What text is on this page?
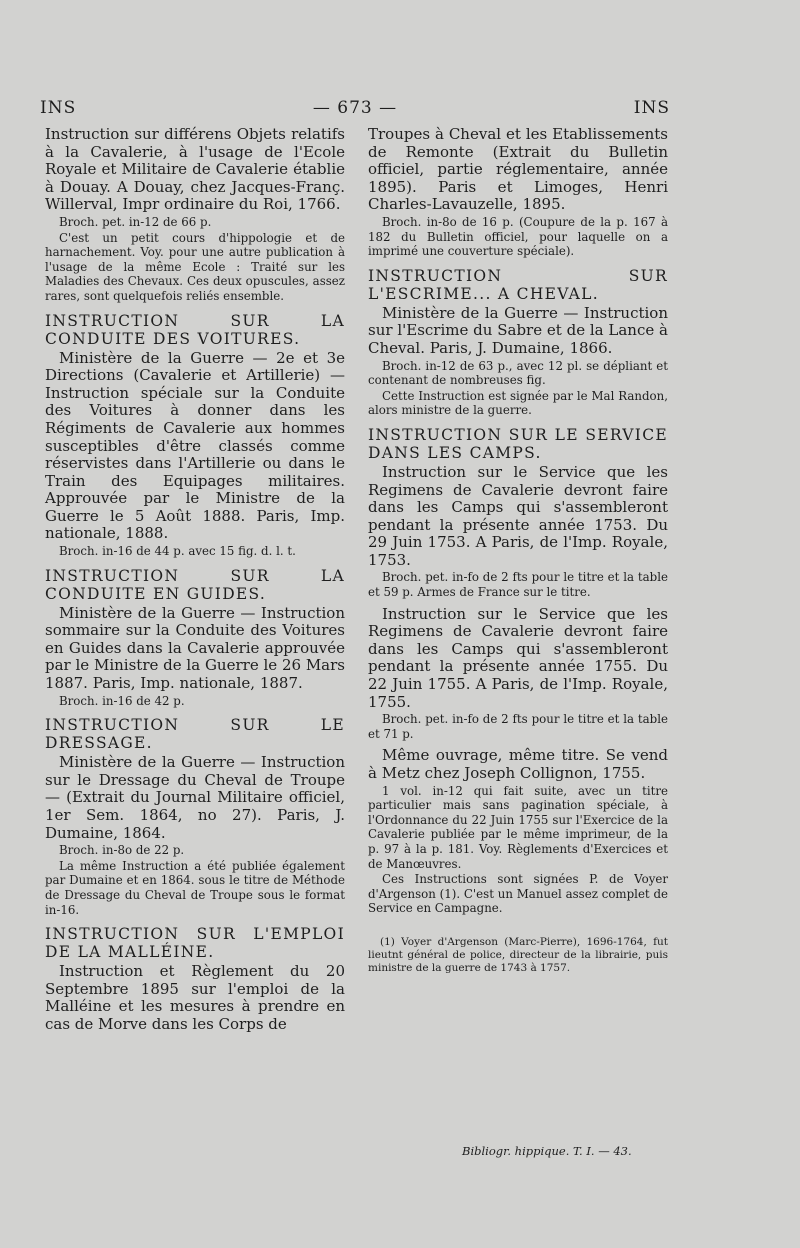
INS	— 673 —	INS

Instruction sur différens Objets relatifs à la Cavalerie, à l'usage de l'Ecole Royale et Militaire de Cavalerie établie à Douay. A Douay, chez Jacques-Franç. Willerval, Impr ordinaire du Roi, 1766.

Broch. pet. in-12 de 66 p.

C'est un petit cours d'hippologie et de harnachement. Voy. pour une autre publication à l'usage de la même Ecole : Traité sur les Maladies des Chevaux. Ces deux opuscules, assez rares, sont quelquefois reliés ensemble.

INSTRUCTION SUR LA CONDUITE DES VOITURES.

Ministère de la Guerre — 2e et 3e Directions (Cavalerie et Artillerie) — Instruction spéciale sur la Conduite des Voitures à donner dans les Régiments de Cavalerie aux hommes susceptibles d'être classés comme réservistes dans l'Artillerie ou dans le Train des Equipages militaires. Approuvée par le Ministre de la Guerre le 5 Août 1888. Paris, Imp. nationale, 1888.

Broch. in-16 de 44 p. avec 15 fig. d. l. t.

INSTRUCTION SUR LA CONDUITE EN GUIDES.

Ministère de la Guerre — Instruction sommaire sur la Conduite des Voitures en Guides dans la Cavalerie approuvée par le Ministre de la Guerre le 26 Mars 1887. Paris, Imp. nationale, 1887.

Broch. in-16 de 42 p.

INSTRUCTION SUR LE DRESSAGE.

Ministère de la Guerre — Instruction sur le Dressage du Cheval de Troupe — (Extrait du Journal Militaire officiel, 1er Sem. 1864, no 27). Paris, J. Dumaine, 1864.

Broch. in-8o de 22 p.

La même Instruction a été publiée également par Dumaine et en 1864. sous le titre de Méthode de Dressage du Cheval de Troupe sous le format in-16.

INSTRUCTION SUR L'EMPLOI DE LA MALLÉINE.

Instruction et Règlement du 20 Septembre 1895 sur l'emploi de la Malléine et les mesures à prendre en cas de Morve dans les Corps de

Troupes à Cheval et les Etablissements de Remonte (Extrait du Bulletin officiel, partie réglementaire, année 1895). Paris et Limoges, Henri Charles-Lavauzelle, 1895.

Broch. in-8o de 16 p. (Coupure de la p. 167 à 182 du Bulletin officiel, pour laquelle on a imprimé une couverture spéciale).

INSTRUCTION SUR L'ESCRIME... A CHEVAL.

Ministère de la Guerre — Instruction sur l'Escrime du Sabre et de la Lance à Cheval. Paris, J. Dumaine, 1866.

Broch. in-12 de 63 p., avec 12 pl. se dépliant et contenant de nombreuses fig.

Cette Instruction est signée par le Mal Randon, alors ministre de la guerre.

INSTRUCTION SUR LE SERVICE DANS LES CAMPS.

Instruction sur le Service que les Regimens de Cavalerie devront faire dans les Camps qui s'assembleront pendant la présente année 1753. Du 29 Juin 1753. A Paris, de l'Imp. Royale, 1753.

Broch. pet. in-fo de 2 fts pour le titre et la table et 59 p. Armes de France sur le titre.

Instruction sur le Service que les Regimens de Cavalerie devront faire dans les Camps qui s'assembleront pendant la présente année 1755. Du 22 Juin 1755. A Paris, de l'Imp. Royale, 1755.

Broch. pet. in-fo de 2 fts pour le titre et la table et 71 p.

Même ouvrage, même titre. Se vend à Metz chez Joseph Collignon, 1755.

1 vol. in-12 qui fait suite, avec un titre particulier mais sans pagination spéciale, à l'Ordonnance du 22 Juin 1755 sur l'Exercice de la Cavalerie publiée par le même imprimeur, de la p. 97 à la p. 181. Voy. Règlements d'Exercices et de Manœuvres.

Ces Instructions sont signées P. de Voyer d'Argenson (1). C'est un Manuel assez complet de Service en Campagne.

(1) Voyer d'Argenson (Marc-Pierre), 1696-1764, fut lieutnt général de police, directeur de la librairie, puis ministre de la guerre de 1743 à 1757.

Bibliogr. hippique. T. I. — 43.
